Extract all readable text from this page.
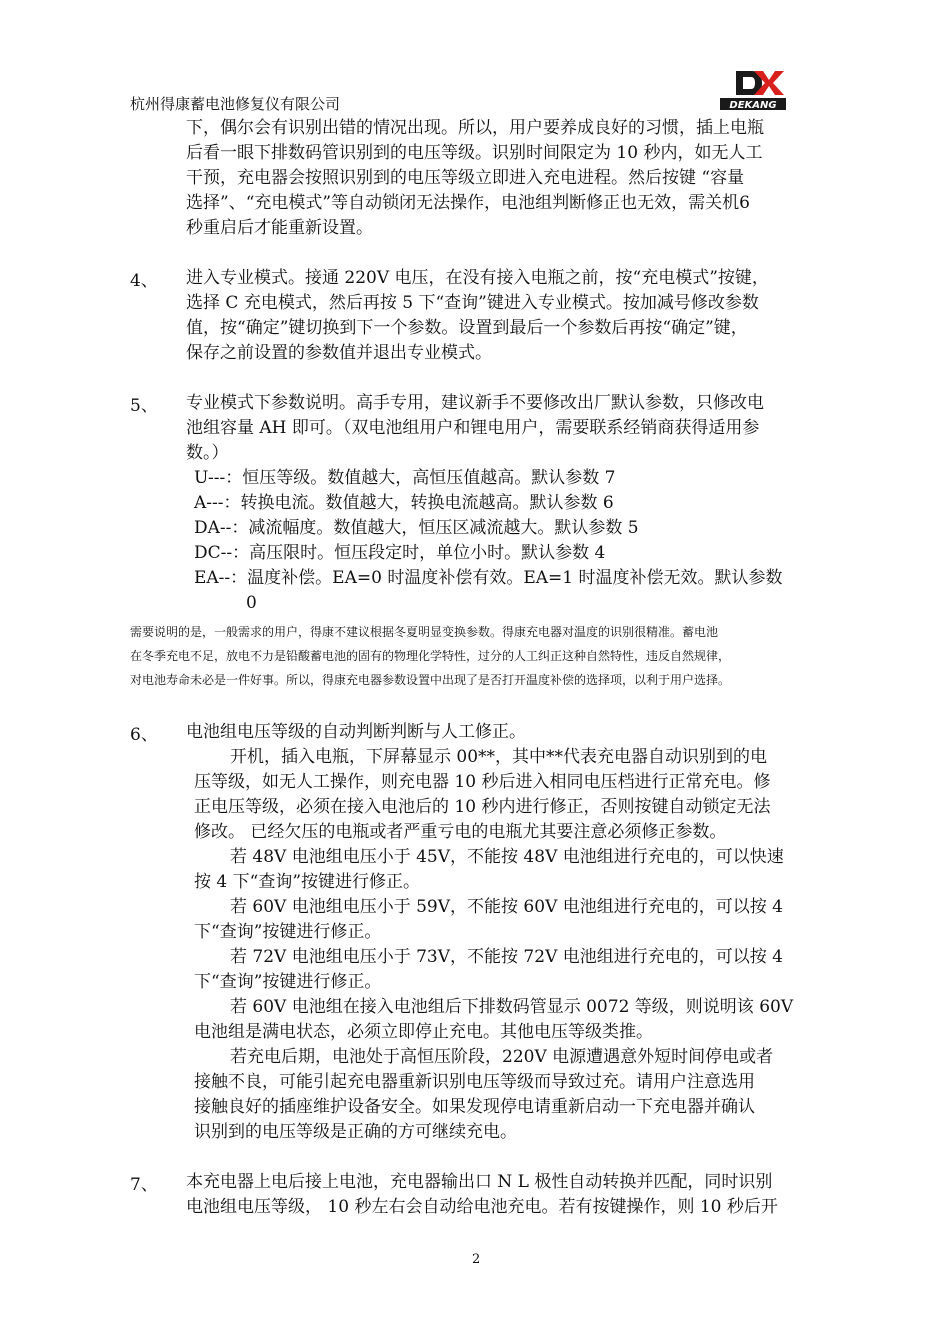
杭州得康蓄电池修复仪有限公司	DEKANG
下，偶尔会有识别出错的情况出现。所以，用户要养成良好的习惯，插上电瓶
后看一眼下排数码管识别到的电压等级。识别时间限定为 10 秒内，如无人工
干预，充电器会按照识别到的电压等级立即进入充电进程。然后按键 “容量
选择”、“充电模式”等自动锁闭无法操作，电池组判断修正也无效，需关机6
秒重启后才能重新设置。
4、 进入专业模式。接通 220V 电压，在没有接入电瓶之前，按“充电模式”按键，
选择 C 充电模式，然后再按 5 下“查询”键进入专业模式。按加减号修改参数
值，按“确定”键切换到下一个参数。设置到最后一个参数后再按“确定”键，
保存之前设置的参数值并退出专业模式。
5、 专业模式下参数说明。高手专用，建议新手不要修改出厂默认参数，只修改电
池组容量 AH 即可。（双电池组用户和锂电用户，需要联系经销商获得适用参
数。）
U---：恒压等级。数值越大，高恒压值越高。默认参数 7
A---：转换电流。数值越大，转换电流越高。默认参数 6
DA--：减流幅度。数值越大，恒压区减流越大。默认参数 5
DC--：高压限时。恒压段定时，单位小时。默认参数 4
EA--：温度补偿。EA=0 时温度补偿有效。EA=1 时温度补偿无效。默认参数
0
需要说明的是，一般需求的用户，得康不建议根据冬夏明显变换参数。得康充电器对温度的识别很精准。蓄电池
在冬季充电不足，放电不力是铅酸蓄电池的固有的物理化学特性，过分的人工纠正这种自然特性，违反自然规律，
对电池寿命未必是一件好事。所以，得康充电器参数设置中出现了是否打开温度补偿的选择项，以利于用户选择。
6、 电池组电压等级的自动判断判断与人工修正。
开机，插入电瓶，下屏幕显示 00**，其中**代表充电器自动识别到的电
压等级，如无人工操作，则充电器 10 秒后进入相同电压档进行正常充电。修
正电压等级，必须在接入电池后的 10 秒内进行修正，否则按键自动锁定无法
修改。 已经欠压的电瓶或者严重亏电的电瓶尤其要注意必须修正参数。
若 48V 电池组电压小于 45V，不能按 48V 电池组进行充电的，可以快速
按 4 下“查询”按键进行修正。
若 60V 电池组电压小于 59V，不能按 60V 电池组进行充电的，可以按 4
下“查询”按键进行修正。
若 72V 电池组电压小于 73V，不能按 72V 电池组进行充电的，可以按 4
下“查询”按键进行修正。
若 60V 电池组在接入电池组后下排数码管显示 0072 等级，则说明该 60V
电池组是满电状态，必须立即停止充电。其他电压等级类推。
若充电后期，电池处于高恒压阶段，220V 电源遭遇意外短时间停电或者
接触不良，可能引起充电器重新识别电压等级而导致过充。请用户注意选用
接触良好的插座维护设备安全。如果发现停电请重新启动一下充电器并确认
识别到的电压等级是正确的方可继续充电。
7、 本充电器上电后接上电池，充电器输出口 N L 极性自动转换并匹配，同时识别
电池组电压等级， 10 秒左右会自动给电池充电。若有按键操作，则 10 秒后开
2
